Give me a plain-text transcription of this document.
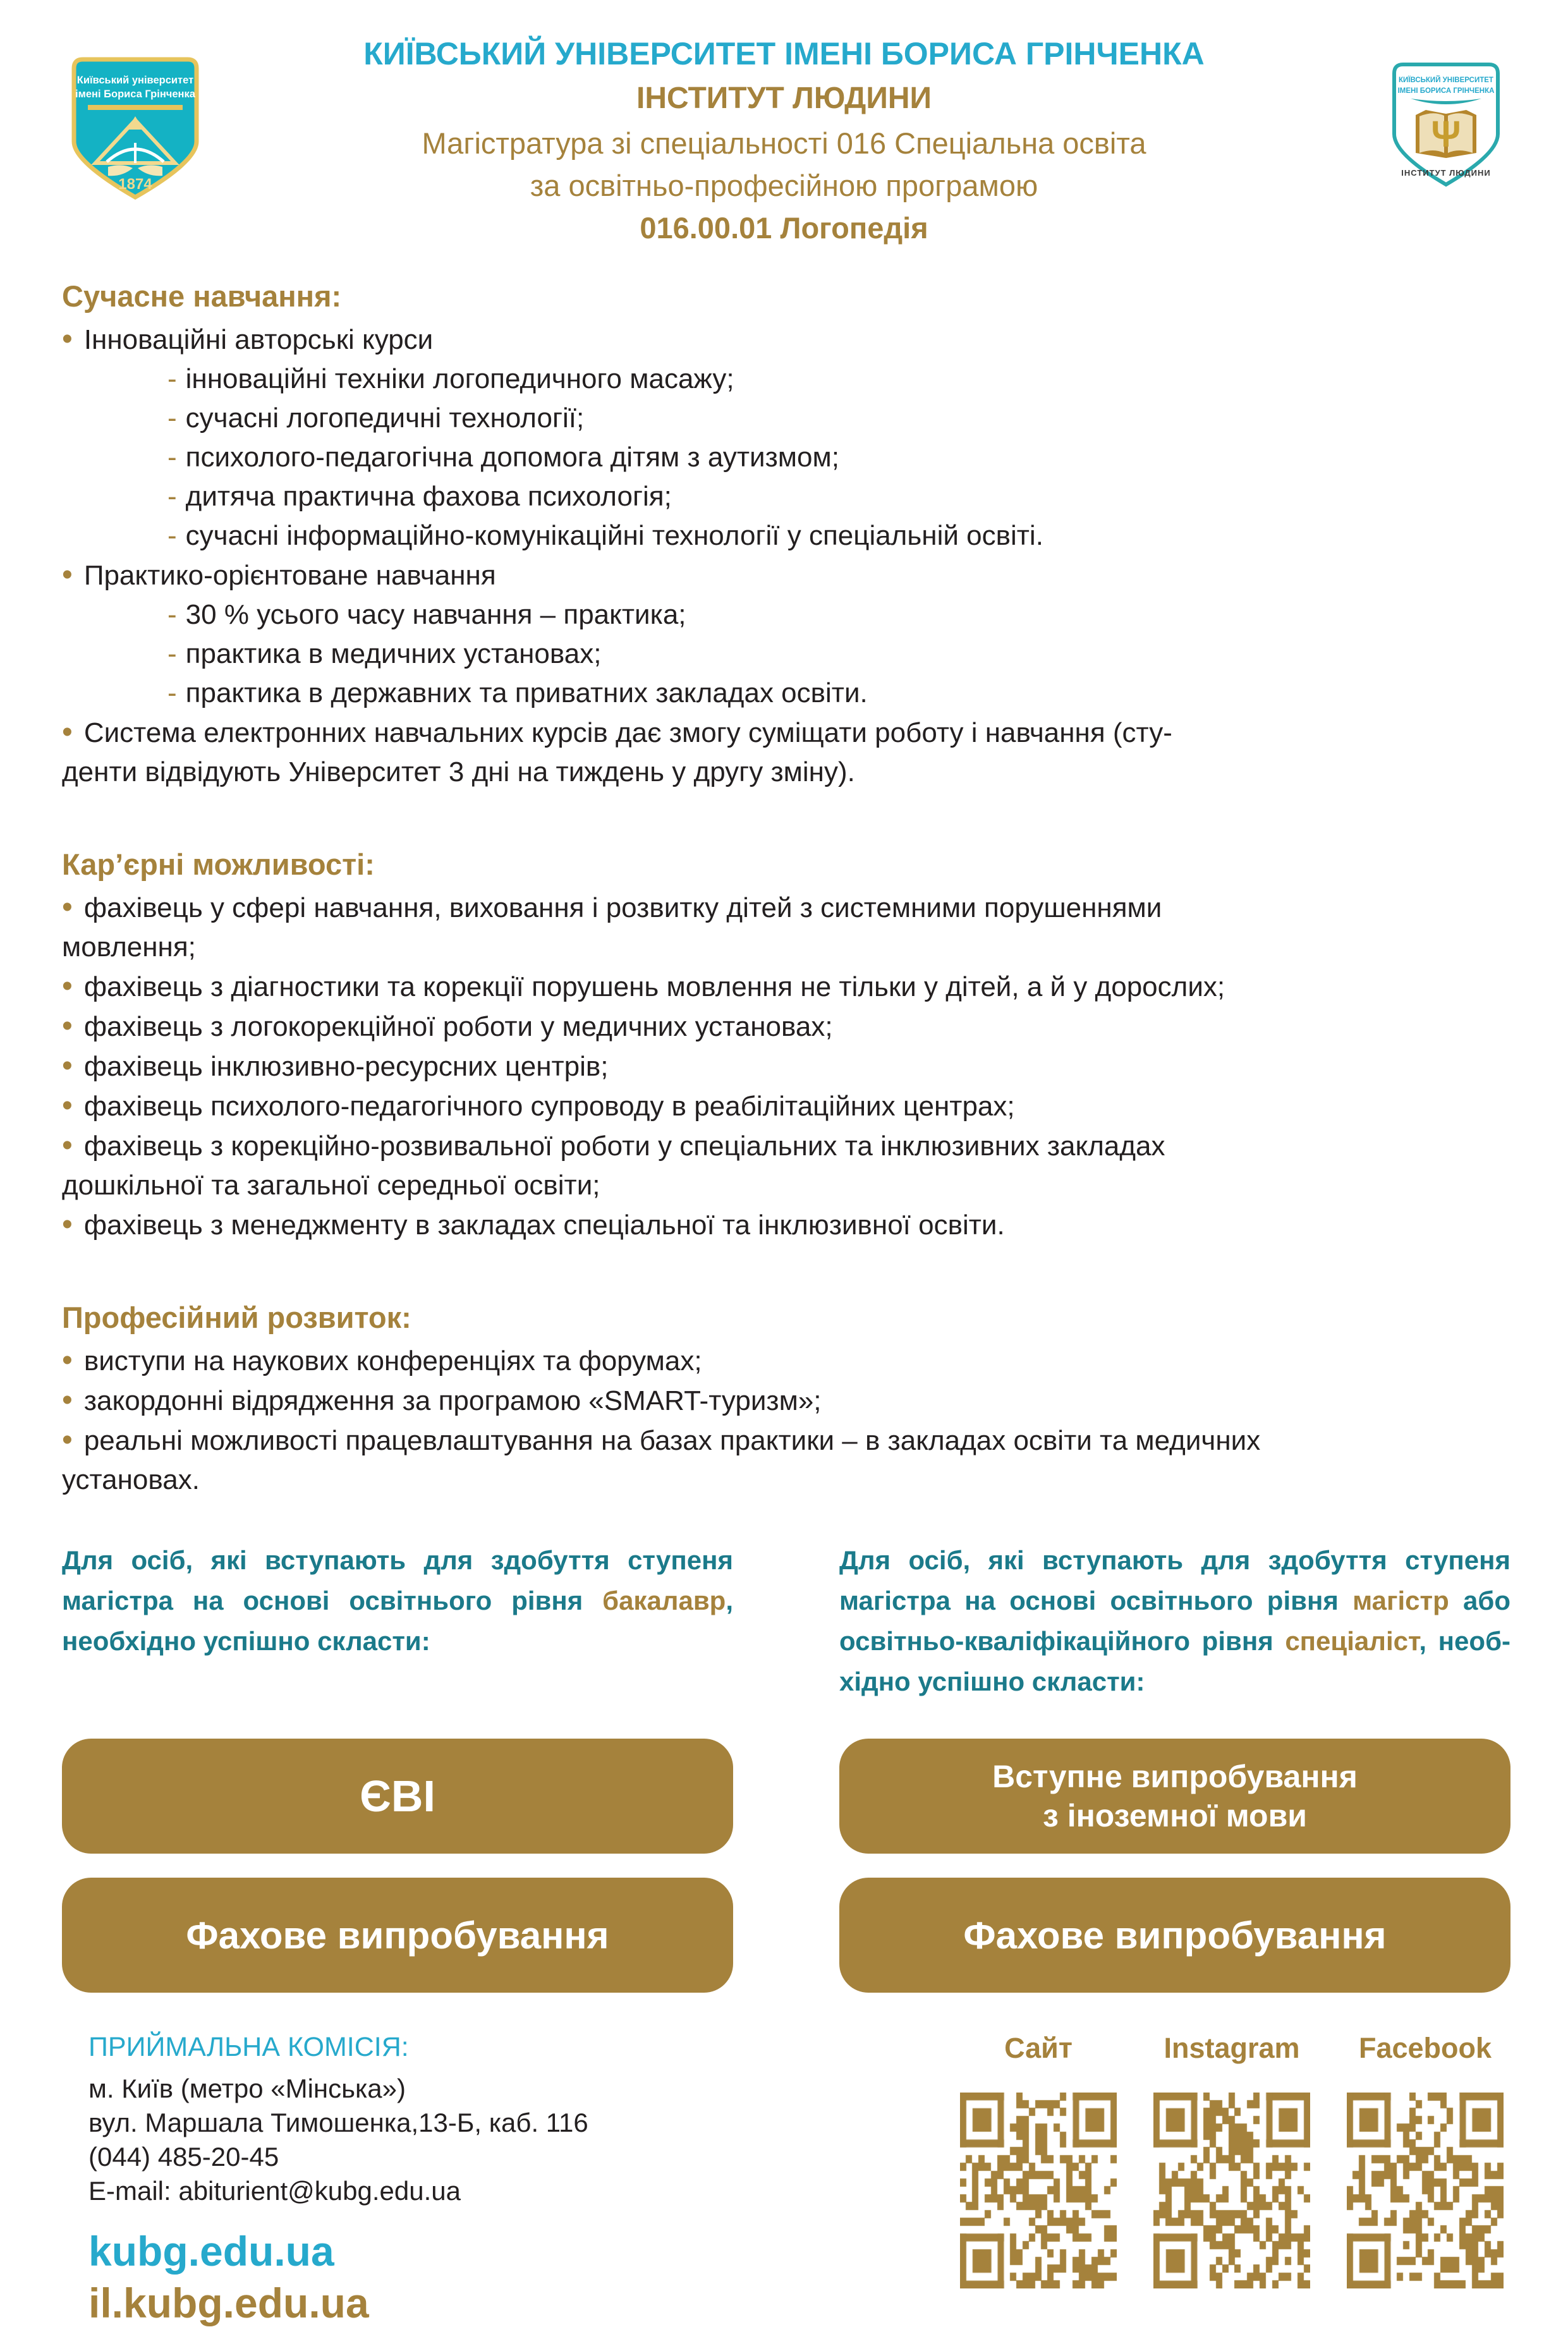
Київський університет
імені Бориса Грінченка
1874
КИЇВСЬКИЙ УНІВЕРСИТЕТ ІМЕНІ БОРИСА ГРІНЧЕНКА
ІНСТИТУТ ЛЮДИНИ
Магістратура зі спеціальності 016 Спеціальна освіта
за освітньо-професійною програмою
016.00.01 Логопедія
КИЇВСЬКИЙ УНІВЕРСИТЕТ
ІМЕНІ БОРИСА ГРІНЧЕНКА
Ψ
ІНСТИТУТ ЛЮДИНИ
Сучасне навчання:
• Інноваційні авторські курси
- інноваційні техніки логопедичного масажу;
- сучасні логопедичні технології;
- психолого-педагогічна допомога дітям з аутизмом;
- дитяча практична фахова психологія;
- сучасні інформаційно-комунікаційні технології у спеціальній освіті.
• Практико-орієнтоване навчання
- 30 % усього часу навчання – практика;
- практика в медичних установах;
- практика в державних та приватних закладах освіти.
• Система електронних навчальних курсів дає змогу суміщати роботу і навчання (сту-
денти відвідують Університет 3 дні на тиждень у другу зміну).
Кар’єрні можливості:
• фахівець у сфері навчання, виховання і розвитку дітей з системними порушеннями
мовлення;
• фахівець з діагностики та корекції порушень мовлення не тільки у дітей, а й у дорослих;
• фахівець з логокорекційної роботи у медичних установах;
• фахівець інклюзивно-ресурсних центрів;
• фахівець психолого-педагогічного супроводу в реабілітаційних центрах;
• фахівець з корекційно-розвивальної роботи у спеціальних та інклюзивних закладах
дошкільної та загальної середньої освіти;
• фахівець з менеджменту в закладах спеціальної та інклюзивної освіти.
Професійний розвиток:
• виступи на наукових конференціях та форумах;
• закордонні відрядження за програмою «SMART-туризм»;
• реальні можливості працевлаштування на базах практики – в закладах освіти та медичних
установах.
Для осіб, які вступають для здобуття ступеня
магістра на основі освітнього рівня бакалавр,
необхідно успішно скласти:
Для осіб, які вступають для здобуття ступеня
магістра на основі освітнього рівня магістр або
освітньо-кваліфікаційного рівня спеціаліст, необ-
хідно успішно скласти:
ЄВІ
Фахове випробування
Вступне випробування
з іноземної мови
Фахове випробування
ПРИЙМАЛЬНА КОМІСІЯ:
м. Київ (метро «Мінська»)
вул. Маршала Тимошенка,13-Б, каб. 116
(044) 485-20-45
E-mail: abiturient@kubg.edu.ua
kubg.edu.ua
il.kubg.edu.ua
Сайт	Instagram	Facebook
